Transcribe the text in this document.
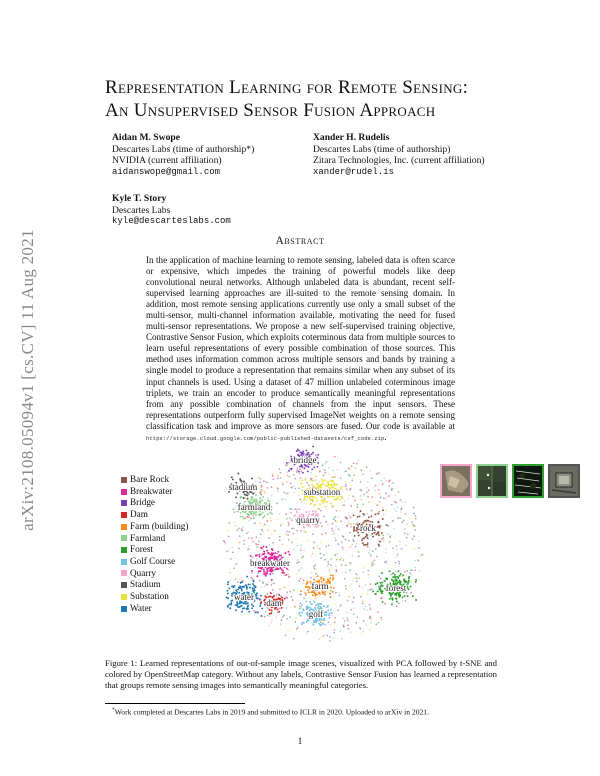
arXiv:2108.05094v1 [cs.CV] 11 Aug 2021
Representation Learning for Remote Sensing:
An Unsupervised Sensor Fusion Approach
Aidan M. Swope
Descartes Labs (time of authorship*)
NVIDIA (current affiliation)
aidanswope@gmail.com
Xander H. Rudelis
Descartes Labs (time of authorship)
Zitara Technologies, Inc. (current affiliation)
xander@rudel.is
Kyle T. Story
Descartes Labs
kyle@descarteslabs.com
Abstract
In the application of machine learning to remote sensing, labeled data is often scarce or expensive, which impedes the training of powerful models like deep convolutional neural networks. Although unlabeled data is abundant, recent self-supervised learning approaches are ill-suited to the remote sensing domain. In addition, most remote sensing applications currently use only a small subset of the multi-sensor, multi-channel information available, motivating the need for fused multi-sensor representations. We propose a new self-supervised training objective, Contrastive Sensor Fusion, which exploits coterminous data from multiple sources to learn useful representations of every possible combination of those sources. This method uses information common across multiple sensors and bands by training a single model to produce a representation that remains similar when any subset of its input channels is used. Using a dataset of 47 million unlabeled coterminous image triplets, we train an encoder to produce semantically meaningful representations from any possible combination of channels from the input sensors. These representations outperform fully supervised ImageNet weights on a remote sensing classification task and improve as more sensors are fused. Our code is available at https://storage.cloud.google.com/public-published-datasets/csf_code.zip.
Bare Rock
Breakwater
Bridge
Dam
Farm (building)
Farmland
Forest
Golf Course
Quarry
Stadium
Substation
Water
bridge
stadium	substation
farmland
quarry
rock
breakwater
farm	forest
water
dam
golf

Figure 1: Learned representations of out-of-sample image scenes, visualized with PCA followed by t-SNE and colored by OpenStreetMap category. Without any labels, Contrastive Sensor Fusion has learned a representation that groups remote sensing images into semantically meaningful categories.
*Work completed at Descartes Labs in 2019 and submitted to ICLR in 2020. Uploaded to arXiv in 2021.
1
